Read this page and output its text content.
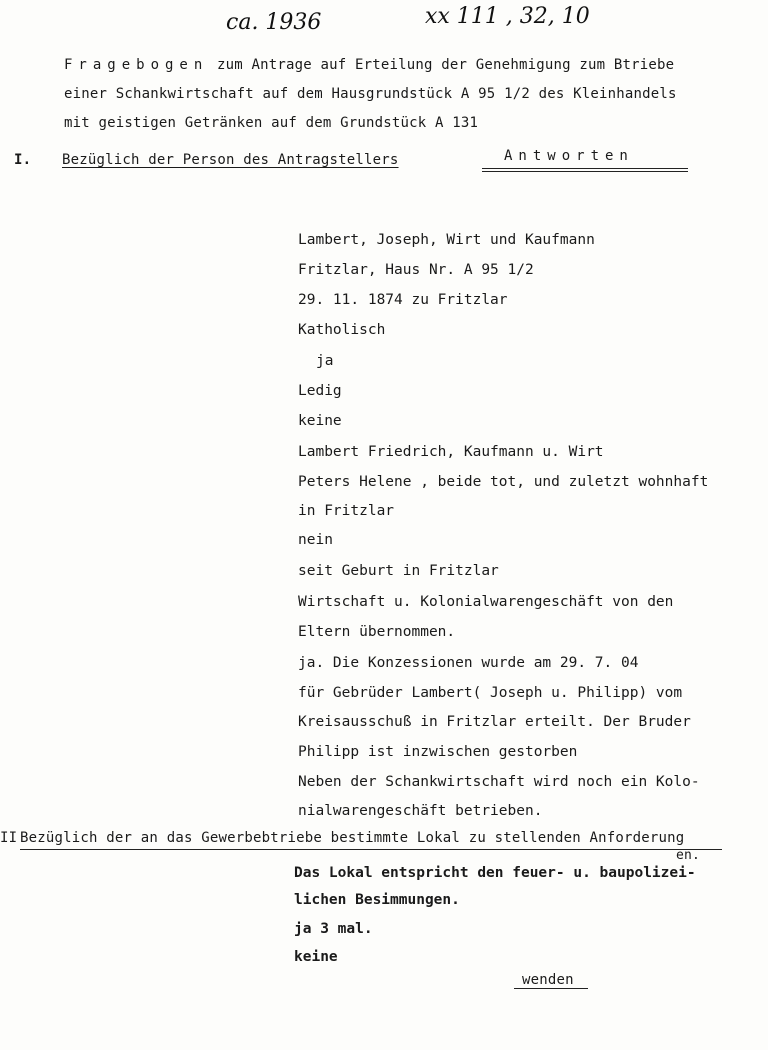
ca. 1936	xx 111 , 32, 10
Fragebogen zum Antrage auf Erteilung der Genehmigung zum Btriebe
einer Schankwirtschaft auf dem Hausgrundstück A 95 1/2 des Kleinhandels
mit geistigen Getränken auf dem Grundstück A 131
I. Bezüglich der Person des Antragstellers	Antworten
Lambert, Joseph, Wirt und Kaufmann
Fritzlar, Haus Nr. A 95 1/2
29. 11. 1874 zu Fritzlar
Katholisch
ja
Ledig
keine
Lambert Friedrich, Kaufmann u. Wirt
Peters Helene , beide tot, und zuletzt wohnhaft
in Fritzlar
nein
seit Geburt in Fritzlar
Wirtschaft u. Kolonialwarengeschäft von den
Eltern übernommen.
ja. Die Konzessionen wurde am 29. 7. 04
für Gebrüder Lambert( Joseph u. Philipp) vom
Kreisausschuß in Fritzlar erteilt. Der Bruder
Philipp ist inzwischen gestorben
Neben der Schankwirtschaft wird noch ein Kolo-
nialwarengeschäft betrieben.
II Bezüglich der an das Gewerbebtriebe bestimmte Lokal zu stellenden Anforderung
en.
Das Lokal entspricht den feuer- u. baupolizei-
lichen Besimmungen.
ja 3 mal.
keine
wenden
